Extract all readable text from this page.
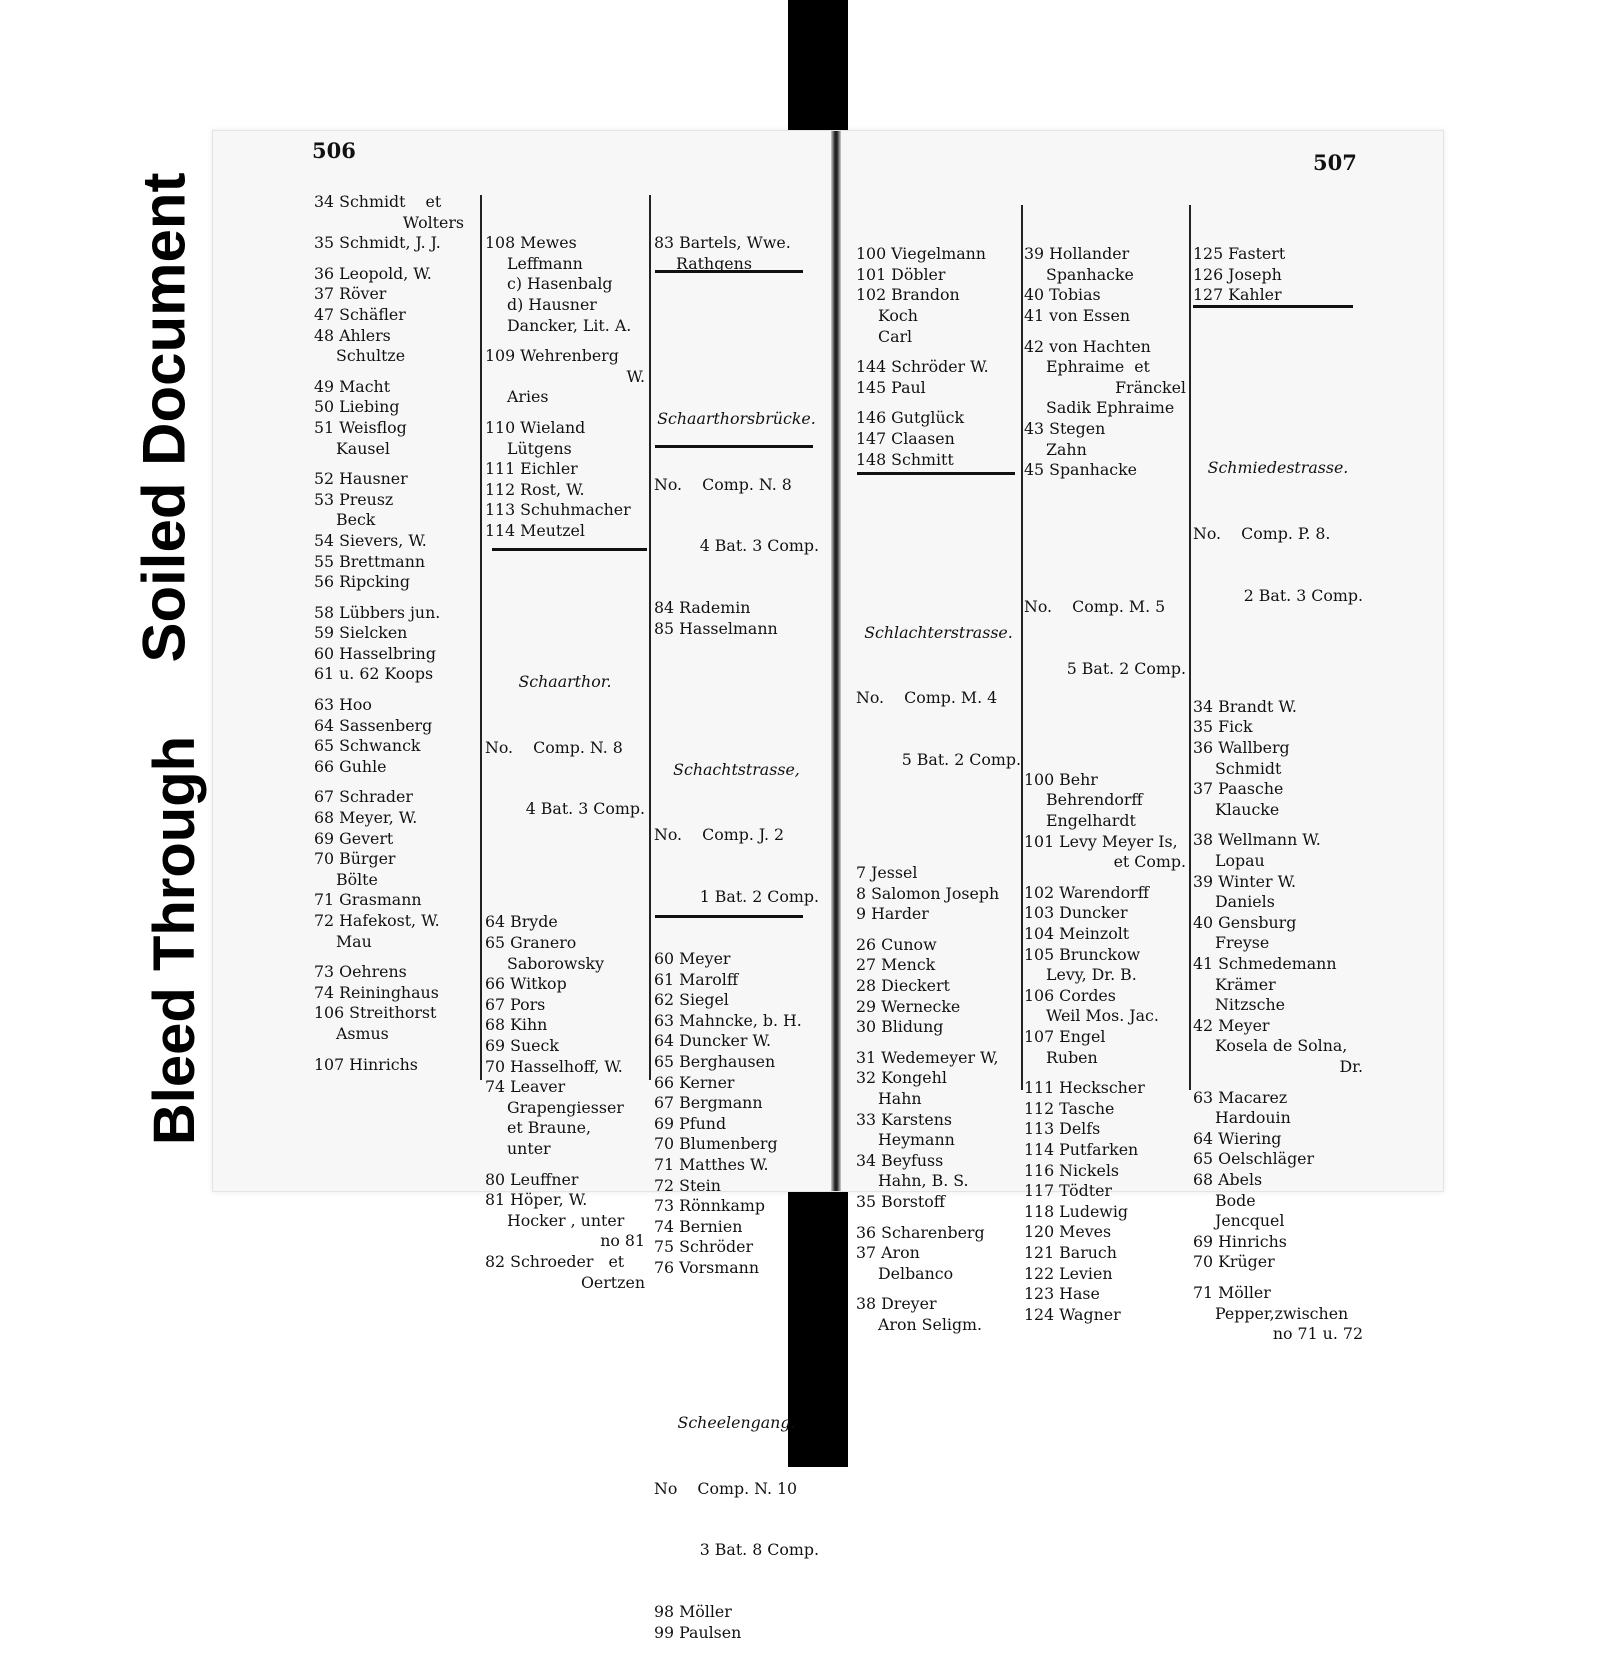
Soiled Document
Bleed Through
506	507
34 Schmidt    et
Wolters
35 Schmidt, J. J.
36 Leopold, W.
37 Röver
47 Schäfler
48 Ahlers
Schultze
49 Macht
50 Liebing
51 Weisflog
Kausel
52 Hausner
53 Preusz
Beck
54 Sievers, W.
55 Brettmann
56 Ripcking
58 Lübbers jun.
59 Sielcken
60 Hasselbring
61 u. 62 Koops
63 Hoo
64 Sassenberg
65 Schwanck
66 Guhle
67 Schrader
68 Meyer, W.
69 Gevert
70 Bürger
Bölte
71 Grasmann
72 Hafekost, W.
Mau
73 Oehrens
74 Reininghaus
106 Streithorst
Asmus
107 Hinrichs

108 Mewes
Leffmann
c) Hasenbalg
d) Hausner
Dancker, Lit. A.
109 Wehrenberg
W.
Aries
110 Wieland
Lütgens
111 Eichler
112 Rost, W.
113 Schuhmacher
114 Meutzel

Schaarthor.

No.    Comp. N. 8

4 Bat. 3 Comp.

64 Bryde
65 Granero
Saborowsky
66 Witkop
67 Pors
68 Kihn
69 Sueck
70 Hasselhoff, W.
74 Leaver
Grapengiesser
et Braune,
unter
80 Leuffner
81 Höper, W.
Hocker , unter
no 81
82 Schroeder   et
Oertzen

83 Bartels, Wwe.
Rathgens

Schaarthorsbrücke.

No.    Comp. N. 8

4 Bat. 3 Comp.

84 Rademin
85 Hasselmann

Schachtstrasse,

No.    Comp. J. 2

1 Bat. 2 Comp.

60 Meyer
61 Marolff
62 Siegel
63 Mahncke, b. H.
64 Duncker W.
65 Berghausen
66 Kerner
67 Bergmann
69 Pfund
70 Blumenberg
71 Matthes W.
72 Stein
73 Rönnkamp
74 Bernien
75 Schröder
76 Vorsmann

Scheelengang.

No    Comp. N. 10

3 Bat. 8 Comp.

98 Möller
99 Paulsen

100 Viegelmann
101 Döbler
102 Brandon
Koch
Carl
144 Schröder W.
145 Paul
146 Gutglück
147 Claasen
148 Schmitt

Schlachterstrasse.

No.    Comp. M. 4

5 Bat. 2 Comp.

7 Jessel
8 Salomon Joseph
9 Harder
26 Cunow
27 Menck
28 Dieckert
29 Wernecke
30 Blidung
31 Wedemeyer W,
32 Kongehl
Hahn
33 Karstens
Heymann
34 Beyfuss
Hahn, B. S.
35 Borstoff
36 Scharenberg
37 Aron
Delbanco
38 Dreyer
Aron Seligm.

39 Hollander
Spanhacke
40 Tobias
41 von Essen
42 von Hachten
Ephraime  et
Fränckel
Sadik Ephraime
43 Stegen
Zahn
45 Spanhacke

No.    Comp. M. 5

5 Bat. 2 Comp.

100 Behr
Behrendorff
Engelhardt
101 Levy Meyer Is,
et Comp.
102 Warendorff
103 Duncker
104 Meinzolt
105 Brunckow
Levy, Dr. B.
106 Cordes
Weil Mos. Jac.
107 Engel
Ruben
111 Heckscher
112 Tasche
113 Delfs
114 Putfarken
116 Nickels
117 Tödter
118 Ludewig
120 Meves
121 Baruch
122 Levien
123 Hase
124 Wagner

125 Fastert
126 Joseph
127 Kahler

Schmiedestrasse.

No.    Comp. P. 8.

2 Bat. 3 Comp.

34 Brandt W.
35 Fick
36 Wallberg
Schmidt
37 Paasche
Klaucke
38 Wellmann W.
Lopau
39 Winter W.
Daniels
40 Gensburg
Freyse
41 Schmedemann
Krämer
Nitzsche
42 Meyer
Kosela de Solna,
Dr.
63 Macarez
Hardouin
64 Wiering
65 Oelschläger
68 Abels
Bode
Jencquel
69 Hinrichs
70 Krüger
71 Möller
Pepper,zwischen
no 71 u. 72
